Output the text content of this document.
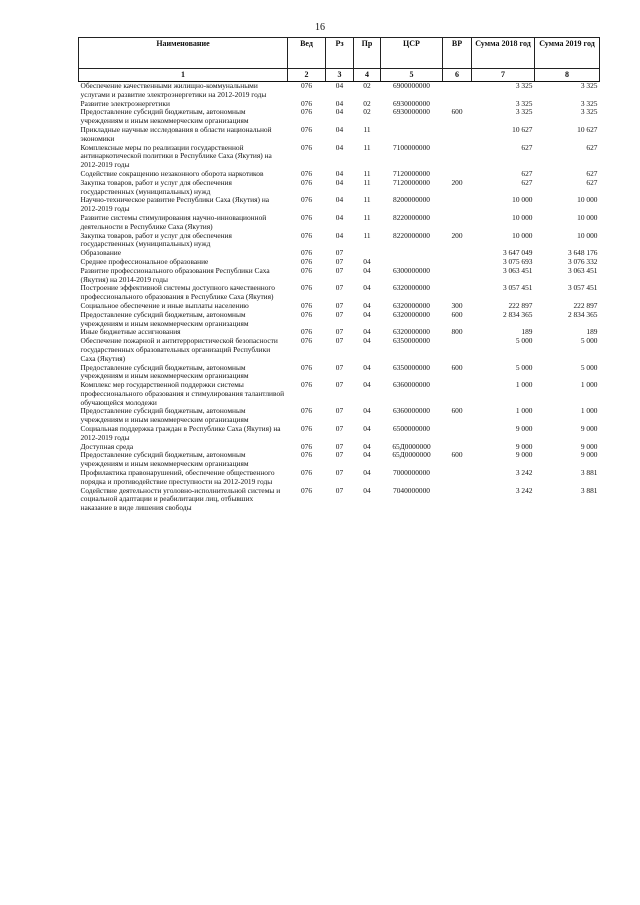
16
Наименование	Вед	Рз	Пр	ЦСР	ВР	Сумма 2018 год	Сумма 2019 год
1	2	3	4	5	6	7	8
Обеспечение качественными жилищно-коммунальными услугами и развитие электроэнергетики на 2012-2019 годы	076	04	02	6900000000		3 325	3 325
Развитие электроэнергетики	076	04	02	6930000000		3 325	3 325
Предоставление субсидий бюджетным, автономным учреждениям и иным некоммерческим организациям	076	04	02	6930000000	600	3 325	3 325
Прикладные научные исследования в области национальной экономики	076	04	11			10 627	10 627
Комплексные меры по реализации государственной антинаркотической политики в Республике Саха (Якутия) на 2012-2019 годы	076	04	11	7100000000		627	627
Содействие сокращению незаконного оборота наркотиков	076	04	11	7120000000		627	627
Закупка товаров, работ и услуг для обеспечения государственных (муниципальных) нужд	076	04	11	7120000000	200	627	627
Научно-техническое развитие Республики Саха (Якутия) на 2012-2019 годы	076	04	11	8200000000		10 000	10 000
Развитие системы стимулирования научно-инновационной деятельности в Республике Саха (Якутия)	076	04	11	8220000000		10 000	10 000
Закупка товаров, работ и услуг для обеспечения государственных (муниципальных) нужд	076	04	11	8220000000	200	10 000	10 000
Образование	076	07				3 647 049	3 648 176
Среднее профессиональное образование	076	07	04			3 075 693	3 076 332
Развитие профессионального образования Республики Саха (Якутия) на 2014-2019 годы	076	07	04	6300000000		3 063 451	3 063 451
Построение эффективной системы доступного качественного профессионального образования в Республике Саха (Якутия)	076	07	04	6320000000		3 057 451	3 057 451
Социальное обеспечение и иные выплаты населению	076	07	04	6320000000	300	222 897	222 897
Предоставление субсидий бюджетным, автономным учреждениям и иным некоммерческим организациям	076	07	04	6320000000	600	2 834 365	2 834 365
Иные бюджетные ассигнования	076	07	04	6320000000	800	189	189
Обеспечение пожарной и антитеррористической безопасности государственных образовательных организаций Республики Саха (Якутия)	076	07	04	6350000000		5 000	5 000
Предоставление субсидий бюджетным, автономным учреждениям и иным некоммерческим организациям	076	07	04	6350000000	600	5 000	5 000
Комплекс мер государственной поддержки системы профессионального образования и стимулирования талантливой обучающейся молодежи	076	07	04	6360000000		1 000	1 000
Предоставление субсидий бюджетным, автономным учреждениям и иным некоммерческим организациям	076	07	04	6360000000	600	1 000	1 000
Социальная поддержка граждан в Республике Саха (Якутия) на 2012-2019 годы	076	07	04	6500000000		9 000	9 000
Доступная среда	076	07	04	65Д0000000		9 000	9 000
Предоставление субсидий бюджетным, автономным учреждениям и иным некоммерческим организациям	076	07	04	65Д0000000	600	9 000	9 000
Профилактика правонарушений, обеспечение общественного порядка и противодействие преступности на 2012-2019 годы	076	07	04	7000000000		3 242	3 881
Содействие деятельности уголовно-исполнительной системы и социальной адаптации и реабилитации лиц, отбывших наказание в виде лишения свободы	076	07	04	7040000000		3 242	3 881
